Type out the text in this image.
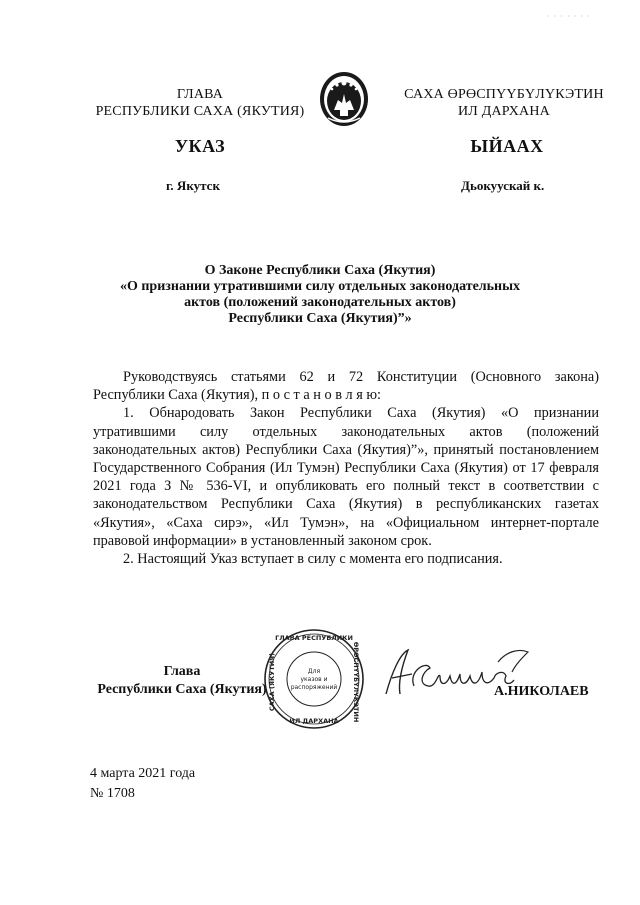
· · · · · · ·
ГЛАВА
РЕСПУБЛИКИ САХА (ЯКУТИЯ)
САХА ӨРӨСПҮҮБҮЛҮКЭТИН
ИЛ ДАРХАНА
УКАЗ	ЫЙААХ
г. Якутск	Дьокуускай к.
О Законе Республики Саха (Якутия)
«О признании утратившими силу отдельных законодательных
актов (положений законодательных актов)
Республики Саха (Якутия)”»

Руководствуясь статьями 62 и 72 Конституции (Основного закона) Республики Саха (Якутия), п о с т а н о в л я ю:

1. Обнародовать Закон Республики Саха (Якутия) «О признании утратившими силу отдельных законодательных актов (положений законодательных актов) Республики Саха (Якутия)”», принятый постановлением Государственного Собрания (Ил Тумэн) Республики Саха (Якутия) от 17 февраля 2021 года З № 536-VI, и опубликовать его полный текст в соответствии с законодательством Республики Саха (Якутия) в республиканских газетах «Якутия», «Саха сирэ», «Ил Тумэн», на «Официальном интернет-портале правовой информации» в установленный законом срок.

2. Настоящий Указ вступает в силу с момента его подписания.

Глава
Республики Саха (Якутия)
ГЛАВА РЕСПУБЛИКИ
ИЛ ДАРХАНА
САХА (ЯКУТИЯ)	ӨРӨСПҮҮБҮЛҮКЭТИН
Для
указов и
распоряжений	А.НИКОЛАЕВ
4 марта 2021 года
№ 1708
